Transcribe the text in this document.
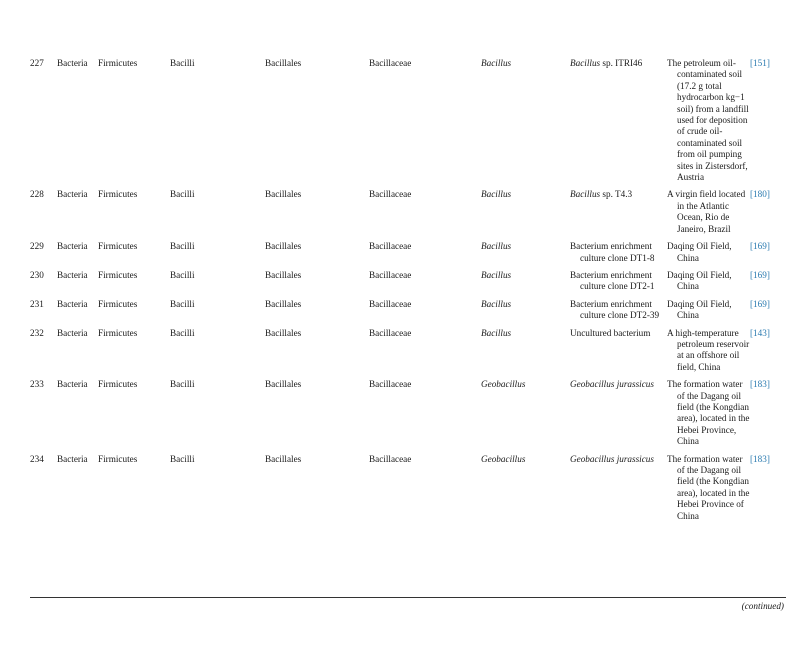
227	Bacteria	Firmicutes	Bacilli	Bacillales	Bacillaceae	Bacillus	Bacillus sp. ITRI46	The petroleum oil-contaminated soil (17.2 g total hydrocarbon kg−1 soil) from a landfill used for deposition of crude oil-contaminated soil from oil pumping sites in Zistersdorf, Austria	[151]
228	Bacteria	Firmicutes	Bacilli	Bacillales	Bacillaceae	Bacillus	Bacillus sp. T4.3	A virgin field located in the Atlantic Ocean, Rio de Janeiro, Brazil	[180]
229	Bacteria	Firmicutes	Bacilli	Bacillales	Bacillaceae	Bacillus	Bacterium enrichment culture clone DT1-8	Daqing Oil Field, China	[169]
230	Bacteria	Firmicutes	Bacilli	Bacillales	Bacillaceae	Bacillus	Bacterium enrichment culture clone DT2-1	Daqing Oil Field, China	[169]
231	Bacteria	Firmicutes	Bacilli	Bacillales	Bacillaceae	Bacillus	Bacterium enrichment culture clone DT2-39	Daqing Oil Field, China	[169]
232	Bacteria	Firmicutes	Bacilli	Bacillales	Bacillaceae	Bacillus	Uncultured bacterium	A high-temperature petroleum reservoir at an offshore oil field, China	[143]
233	Bacteria	Firmicutes	Bacilli	Bacillales	Bacillaceae	Geobacillus	Geobacillus jurassicus	The formation water of the Dagang oil field (the Kongdian area), located in the Hebei Province, China	[183]
234	Bacteria	Firmicutes	Bacilli	Bacillales	Bacillaceae	Geobacillus	Geobacillus jurassicus	The formation water of the Dagang oil field (the Kongdian area), located in the Hebei Province of China	[183]
(continued)
